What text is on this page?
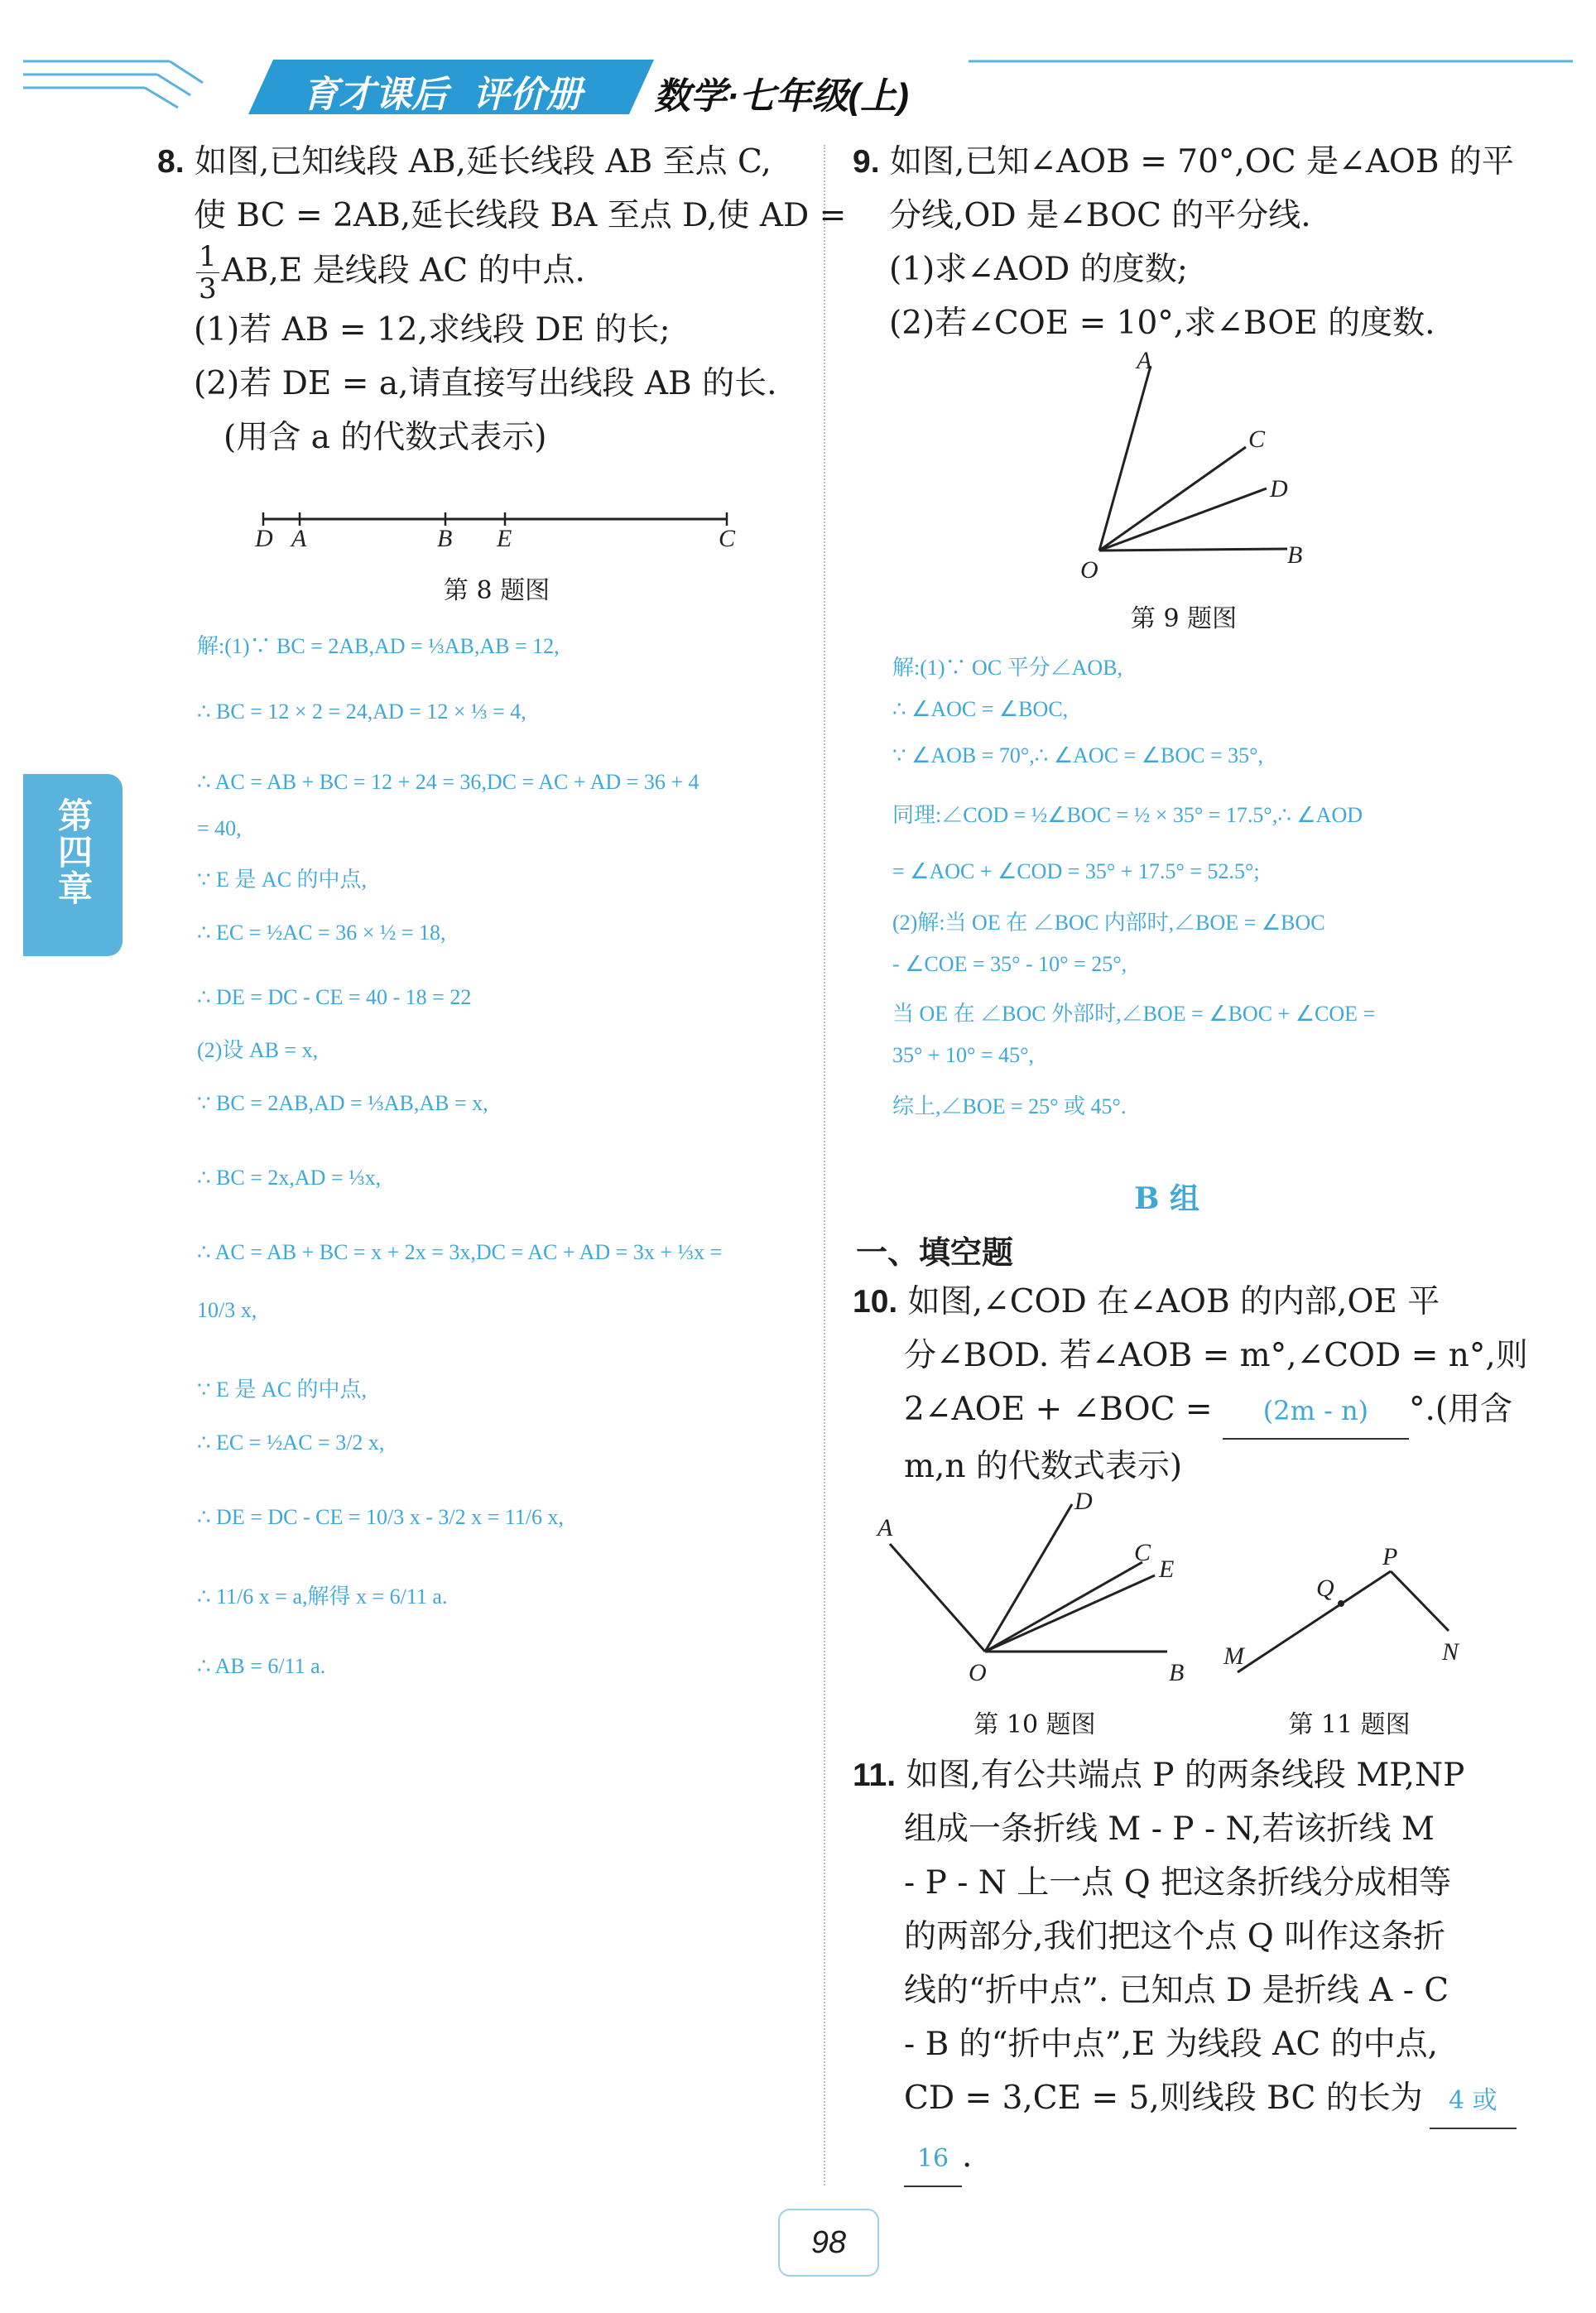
育才课后 评价册 数学·七年级(上)
第四章
8. 如图,已知线段 AB,延长线段 AB 至点 C,
使 BC = 2AB,延长线段 BA 至点 D,使 AD =
$\frac{1}{3} AB,E$ 是线段 AC 的中点.
(1)若 AB = 12,求线段 DE 的长;
(2)若 DE = a,请直接写出线段 AB 的长.
(用含 a 的代数式表示)
D A	B E	C
第 8 题图
解:(1)∵ BC = 2AB,AD = ⅓AB,AB = 12,
∴ BC = 12 × 2 = 24,AD = 12 × ⅓ = 4,
∴ AC = AB + BC = 12 + 24 = 36,DC = AC + AD = 36 + 4
= 40,
∵ E 是 AC 的中点,
∴ EC = ½AC = 36 × ½ = 18,
∴ DE = DC - CE = 40 - 18 = 22
(2)设 AB = x,
∵ BC = 2AB,AD = ⅓AB,AB = x,
∴ BC = 2x,AD = ⅓x,
∴ AC = AB + BC = x + 2x = 3x,DC = AC + AD = 3x + ⅓x =
10/3 x,
∵ E 是 AC 的中点,
∴ EC = ½AC = 3/2 x,
∴ DE = DC - CE = 10/3 x - 3/2 x = 11/6 x,
∴ 11/6 x = a,解得 x = 6/11 a.
∴ AB = 6/11 a.
9. 如图,已知∠AOB = 70°,OC 是∠AOB 的平
分线,OD 是∠BOC 的平分线.
(1)求∠AOD 的度数;
(2)若∠COE = 10°,求∠BOE 的度数.
A
C
D
O
B
第 9 题图
解:(1)∵ OC 平分∠AOB,
∴ ∠AOC = ∠BOC,
∵ ∠AOB = 70°,∴ ∠AOC = ∠BOC = 35°,
同理:∠COD = ½∠BOC = ½ × 35° = 17.5°,∴ ∠AOD
= ∠AOC + ∠COD = 35° + 17.5° = 52.5°;
(2)解:当 OE 在 ∠BOC 内部时,∠BOE = ∠BOC
- ∠COE = 35° - 10° = 25°,
当 OE 在 ∠BOC 外部时,∠BOE = ∠BOC + ∠COE =
35° + 10° = 45°,
综上,∠BOE = 25° 或 45°.
B 组
一、填空题
10. 如图,∠COD 在∠AOB 的内部,OE 平
分∠BOD. 若∠AOB = m°,∠COD = n°,则
2∠AOE + ∠BOC = (2m - n) °.(用含
m,n 的代数式表示)
A
D
C
E
O	B
第 10 题图
P
Q
N
M
第 11 题图
11. 如图,有公共端点 P 的两条线段 MP,NP
组成一条折线 M - P - N,若该折线 M
- P - N 上一点 Q 把这条折线分成相等
的两部分,我们把这个点 Q 叫作这条折
线的“折中点”. 已知点 D 是折线 A - C
- B 的“折中点”,E 为线段 AC 的中点,
CD = 3,CE = 5,则线段 BC 的长为 4 或
16 .
98
